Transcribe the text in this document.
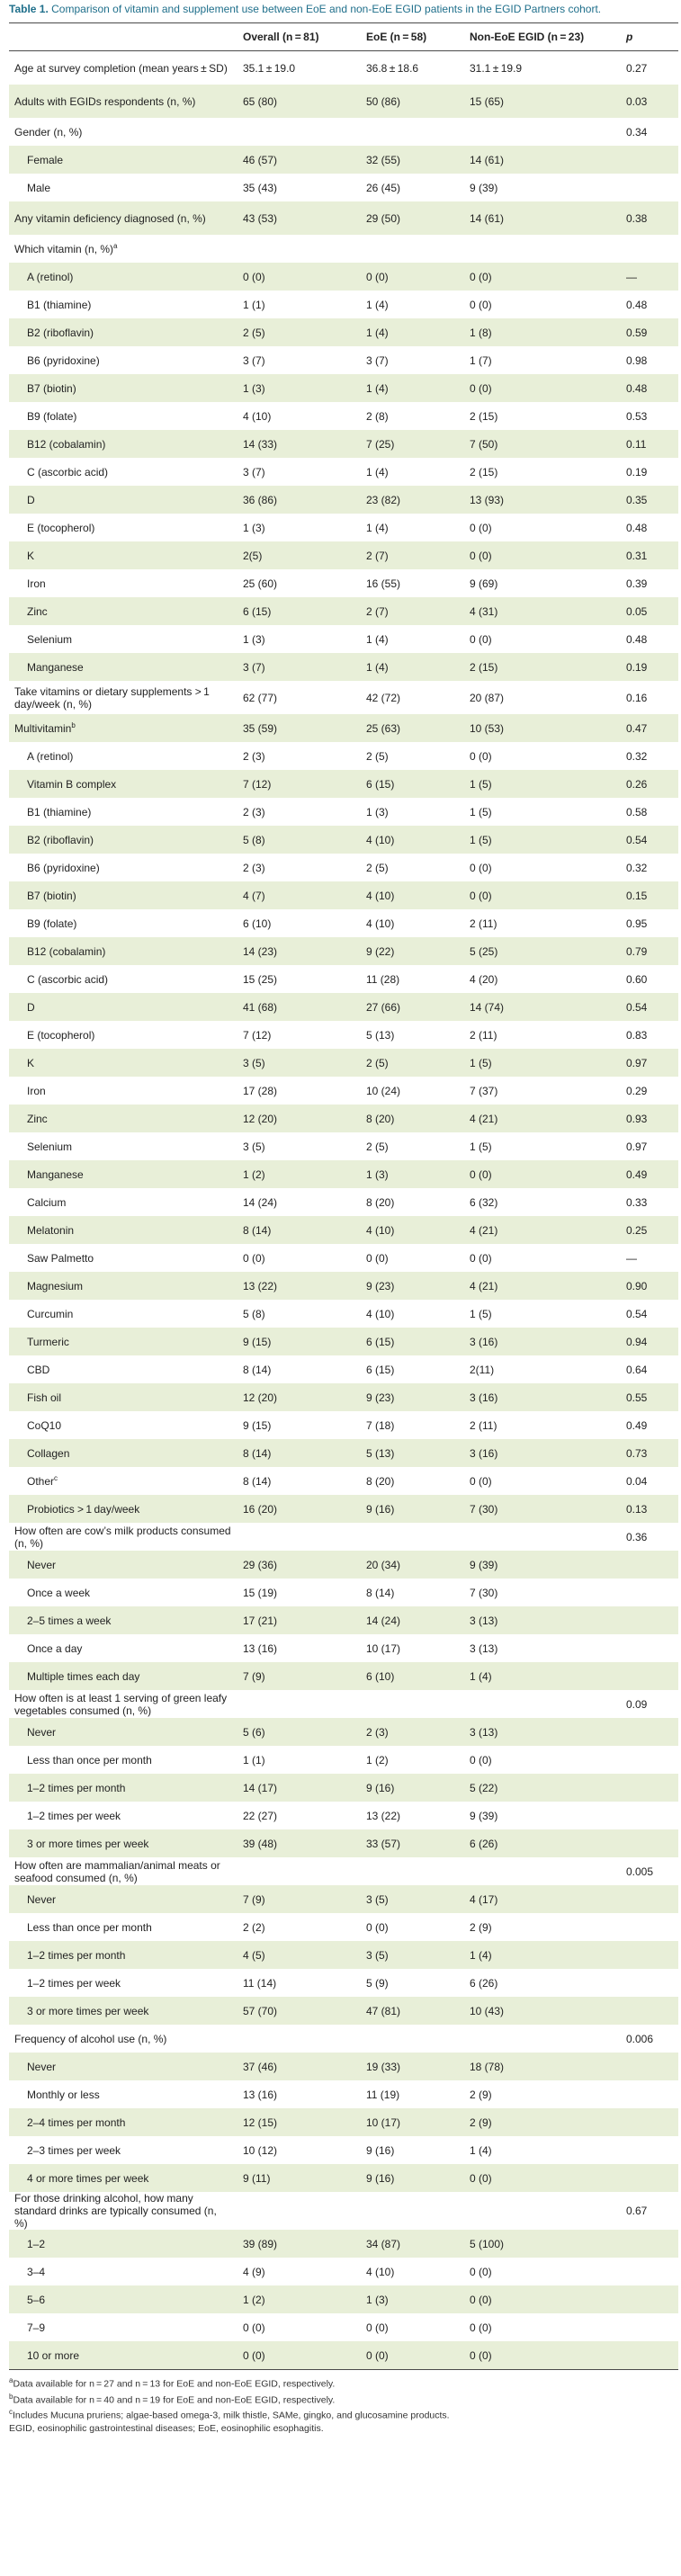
Table 1. Comparison of vitamin and supplement use between EoE and non-EoE EGID patients in the EGID Partners cohort.
	Overall (n = 81)	EoE (n = 58)	Non-EoE EGID (n = 23)	p
Age at survey completion (mean years ± SD)	35.1 ± 19.0	36.8 ± 18.6	31.1 ± 19.9	0.27
Adults with EGIDs respondents (n, %)	65 (80)	50 (86)	15 (65)	0.03
Gender (n, %)				0.34
Female	46 (57)	32 (55)	14 (61)	
Male	35 (43)	26 (45)	9 (39)	
Any vitamin deficiency diagnosed (n, %)	43 (53)	29 (50)	14 (61)	0.38
Which vitamin (n, %)$^a$				
A (retinol)	0 (0)	0 (0)	0 (0)	—
B1 (thiamine)	1 (1)	1 (4)	0 (0)	0.48
B2 (riboflavin)	2 (5)	1 (4)	1 (8)	0.59
B6 (pyridoxine)	3 (7)	3 (7)	1 (7)	0.98
B7 (biotin)	1 (3)	1 (4)	0 (0)	0.48
B9 (folate)	4 (10)	2 (8)	2 (15)	0.53
B12 (cobalamin)	14 (33)	7 (25)	7 (50)	0.11
C (ascorbic acid)	3 (7)	1 (4)	2 (15)	0.19
D	36 (86)	23 (82)	13 (93)	0.35
E (tocopherol)	1 (3)	1 (4)	0 (0)	0.48
K	2(5)	2 (7)	0 (0)	0.31
Iron	25 (60)	16 (55)	9 (69)	0.39
Zinc	6 (15)	2 (7)	4 (31)	0.05
Selenium	1 (3)	1 (4)	0 (0)	0.48
Manganese	3 (7)	1 (4)	2 (15)	0.19
Take vitamins or dietary supplements > 1 day/week (n, %)	62 (77)	42 (72)	20 (87)	0.16
Multivitamin$^b$	35 (59)	25 (63)	10 (53)	0.47
A (retinol)	2 (3)	2 (5)	0 (0)	0.32
Vitamin B complex	7 (12)	6 (15)	1 (5)	0.26
B1 (thiamine)	2 (3)	1 (3)	1 (5)	0.58
B2 (riboflavin)	5 (8)	4 (10)	1 (5)	0.54
B6 (pyridoxine)	2 (3)	2 (5)	0 (0)	0.32
B7 (biotin)	4 (7)	4 (10)	0 (0)	0.15
B9 (folate)	6 (10)	4 (10)	2 (11)	0.95
B12 (cobalamin)	14 (23)	9 (22)	5 (25)	0.79
C (ascorbic acid)	15 (25)	11 (28)	4 (20)	0.60
D	41 (68)	27 (66)	14 (74)	0.54
E (tocopherol)	7 (12)	5 (13)	2 (11)	0.83
K	3 (5)	2 (5)	1 (5)	0.97
Iron	17 (28)	10 (24)	7 (37)	0.29
Zinc	12 (20)	8 (20)	4 (21)	0.93
Selenium	3 (5)	2 (5)	1 (5)	0.97
Manganese	1 (2)	1 (3)	0 (0)	0.49
Calcium	14 (24)	8 (20)	6 (32)	0.33
Melatonin	8 (14)	4 (10)	4 (21)	0.25
Saw Palmetto	0 (0)	0 (0)	0 (0)	—
Magnesium	13 (22)	9 (23)	4 (21)	0.90
Curcumin	5 (8)	4 (10)	1 (5)	0.54
Turmeric	9 (15)	6 (15)	3 (16)	0.94
CBD	8 (14)	6 (15)	2(11)	0.64
Fish oil	12 (20)	9 (23)	3 (16)	0.55
CoQ10	9 (15)	7 (18)	2 (11)	0.49
Collagen	8 (14)	5 (13)	3 (16)	0.73
Other$^c$	8 (14)	8 (20)	0 (0)	0.04
Probiotics > 1 day/week	16 (20)	9 (16)	7 (30)	0.13
How often are cow’s milk products consumed (n, %)				0.36
Never	29 (36)	20 (34)	9 (39)	
Once a week	15 (19)	8 (14)	7 (30)	
2–5 times a week	17 (21)	14 (24)	3 (13)	
Once a day	13 (16)	10 (17)	3 (13)	
Multiple times each day	7 (9)	6 (10)	1 (4)	
How often is at least 1 serving of green leafy vegetables consumed (n, %)				0.09
Never	5 (6)	2 (3)	3 (13)	
Less than once per month	1 (1)	1 (2)	0 (0)	
1–2 times per month	14 (17)	9 (16)	5 (22)	
1–2 times per week	22 (27)	13 (22)	9 (39)	
3 or more times per week	39 (48)	33 (57)	6 (26)	
How often are mammalian/animal meats or seafood consumed (n, %)				0.005
Never	7 (9)	3 (5)	4 (17)	
Less than once per month	2 (2)	0 (0)	2 (9)	
1–2 times per month	4 (5)	3 (5)	1 (4)	
1–2 times per week	11 (14)	5 (9)	6 (26)	
3 or more times per week	57 (70)	47 (81)	10 (43)	
Frequency of alcohol use (n, %)				0.006
Never	37 (46)	19 (33)	18 (78)	
Monthly or less	13 (16)	11 (19)	2 (9)	
2–4 times per month	12 (15)	10 (17)	2 (9)	
2–3 times per week	10 (12)	9 (16)	1 (4)	
4 or more times per week	9 (11)	9 (16)	0 (0)	
For those drinking alcohol, how many standard drinks are typically consumed (n, %)				0.67
1–2	39 (89)	34 (87)	5 (100)	
3–4	4 (9)	4 (10)	0 (0)	
5–6	1 (2)	1 (3)	0 (0)	
7–9	0 (0)	0 (0)	0 (0)	
10 or more	0 (0)	0 (0)	0 (0)	
$^a$Data available for n = 27 and n = 13 for EoE and non-EoE EGID, respectively.
$^b$Data available for n = 40 and n = 19 for EoE and non-EoE EGID, respectively.
$^c$Includes Mucuna pruriens; algae-based omega-3, milk thistle, SAMe, gingko, and glucosamine products.
EGID, eosinophilic gastrointestinal diseases; EoE, eosinophilic esophagitis.
